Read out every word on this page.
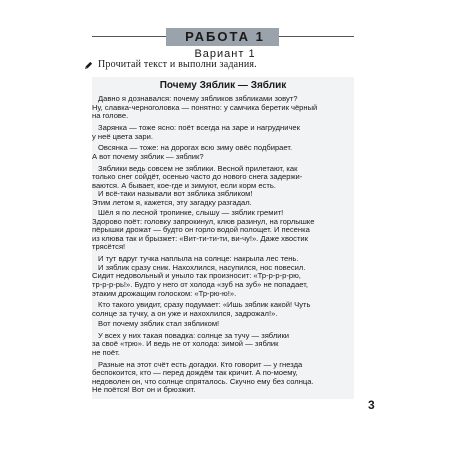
РАБОТА 1
Вариант 1
Прочитай текст и выполни задания.
Почему Зяблик — Зяблик
Давно я дознавался: почему зябликов зябликами зовут?
Ну, славка-черноголовка — понятно: у самчика беретик чёрный
на голове.
Зарянка — тоже ясно: поёт всегда на заре и нагрудничек
у неё цвета зари.
Овсянка — тоже: на дорогах всю зиму овёс подбирает.
А вот почему зяблик — зяблик?
Зяблики ведь совсем не зяблики. Весной прилетают, как
только снег сойдёт, осенью часто до нового снега задержи-
ваются. А бывает, кое-где и зимуют, если корм есть.
И всё-таки называли вот зяблика зябликом!
Этим летом я, кажется, эту загадку разгадал.
Шёл я по лесной тропинке, слышу — зяблик гремит!
Здорово поёт: головку запрокинул, клюв разинул, на горлышке
пёрышки дрожат — будто он горло водой полощет. И песенка
из клюва так и брызжет: «Вит-ти-ти-ти, ви-чу!». Даже хвостик
трясётся!
И тут вдруг тучка наплыла на солнце: накрыла лес тень.
И зяблик сразу сник. Нахохлился, насупился, нос повесил.
Сидит недовольный и уныло так произносит: «Тр-р-р-р-рю,
тр-р-р-рь!». Будто у него от холода «зуб на зуб» не попадает,
этаким дрожащим голоском: «Тр-рю-ю!».
Кто такого увидит, сразу подумает: «Ишь зяблик какой! Чуть
солнце за тучку, а он уже и нахохлился, задрожал!».
Вот почему зяблик стал зябликом!
У всех у них такая повадка: солнце за тучу — зяблики
за своё «трю». И ведь не от холода: зимой — зяблик
не поёт.
Разные на этот счёт есть догадки. Кто говорит — у гнезда
беспокоится, кто — перед дождём так кричит. А по-моему,
недоволен он, что солнце спряталось. Скучно ему без солнца.
Не поётся! Вот он и брюзжит.
3
